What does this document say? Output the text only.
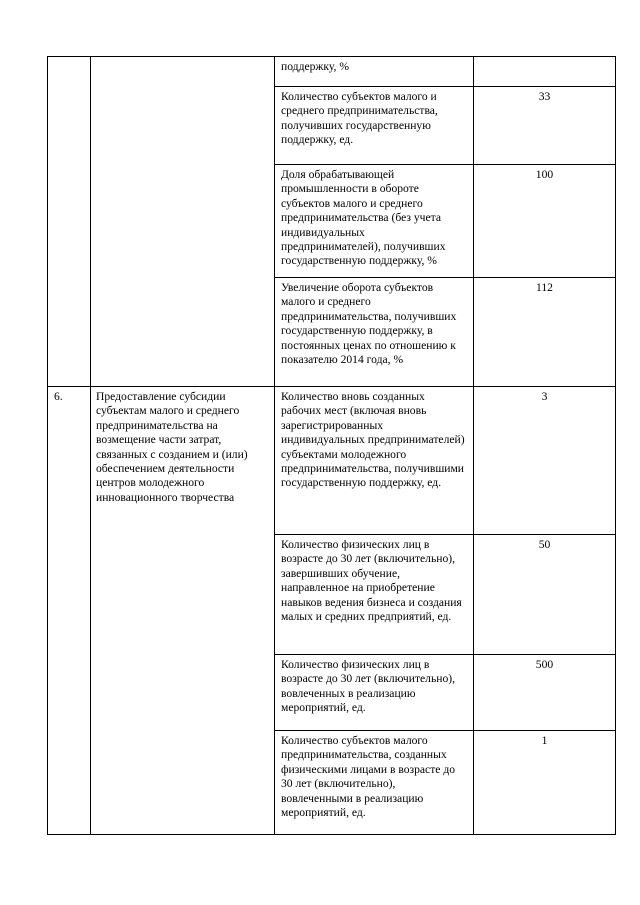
		поддержку, %	

		Количество субъектов малого и среднего предпринимательства, получивших государственную поддержку, ед.	33

		Доля обрабатывающей промышленности в обороте субъектов малого и среднего предпринимательства (без учета индивидуальных предпринимателей), получивших государственную поддержку, %	100

		Увеличение оборота субъектов малого и среднего предпринимательства, получивших государственную поддержку, в постоянных ценах по отношению к показателю 2014 года, %	112
6.	Предоставление субсидии субъектам малого и среднего предпринимательства на возмещение части затрат, связанных с созданием и (или) обеспечением деятельности центров молодежного инновационного творчества	Количество вновь созданных рабочих мест (включая вновь зарегистрированных индивидуальных предпринимателей) субъектами молодежного предпринимательства, получившими государственную поддержку, ед.	3

		Количество физических лиц в возрасте до 30 лет (включительно), завершивших обучение, направленное на приобретение навыков ведения бизнеса и создания малых и средних предприятий, ед.	50

		Количество физических лиц в возрасте до 30 лет (включительно), вовлеченных в реализацию мероприятий, ед.	500

		Количество субъектов малого предпринимательства, созданных физическими лицами в возрасте до 30 лет (включительно), вовлеченными в реализацию мероприятий, ед.	1
